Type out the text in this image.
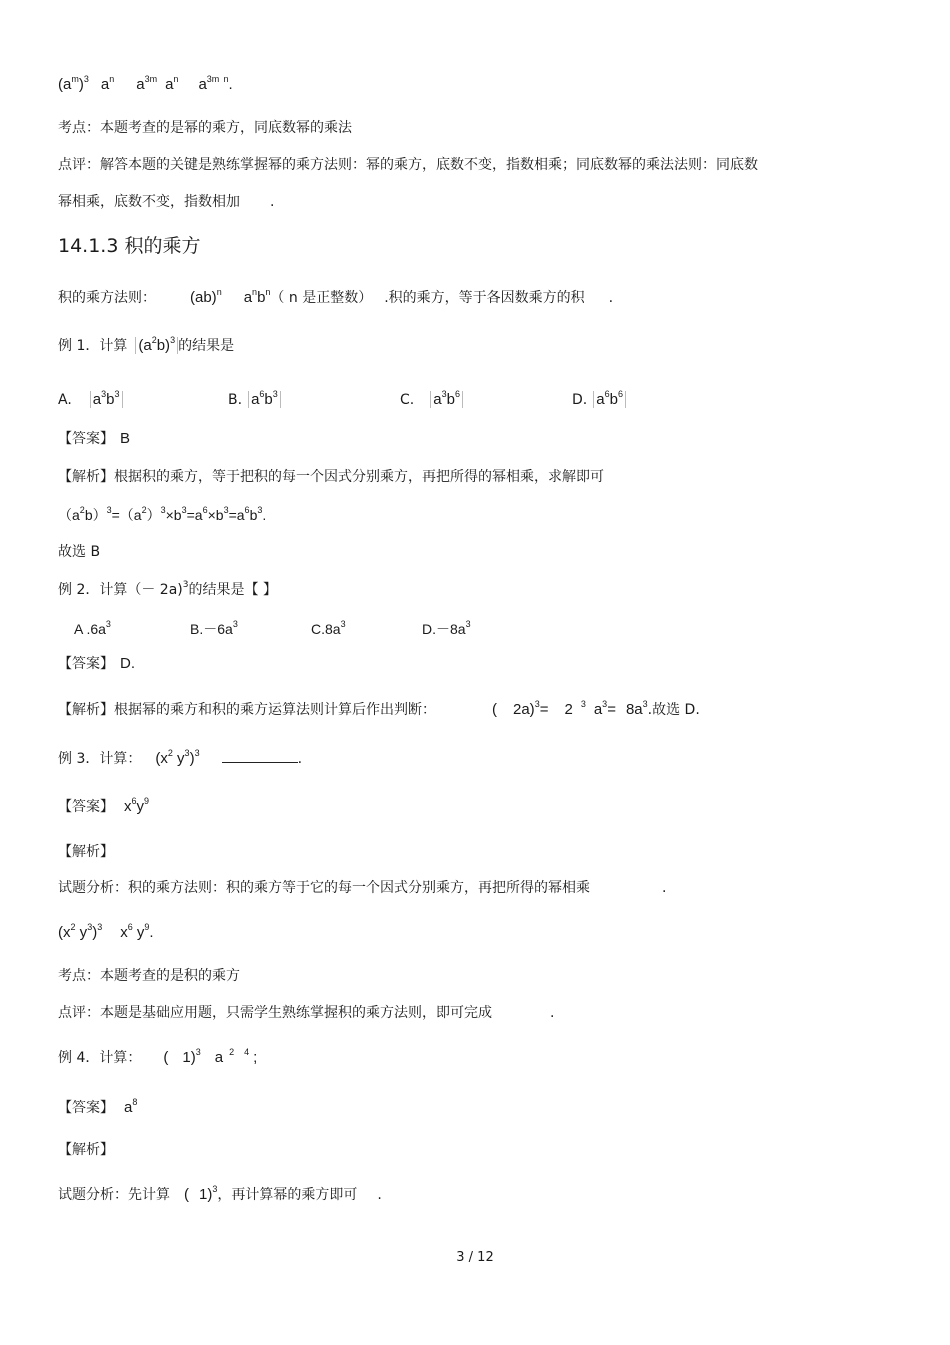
$(a^m)^3$ $a^n$ $a^{3m}$ $a^n$ $a^{3m}$ $^n$.
考点：本题考查的是幂的乘方，同底数幂的乘法
点评：解答本题的关键是熟练掌握幂的乘方法则：幂的乘方，底数不变，指数相乘；同底数幂的乘法法则：同底数
幂相乘，底数不变，指数相加 .
14.1.3 积的乘方
积的乘方法则： (ab)$^n$ $a^nb^n$（ n 是正整数） .积的乘方，等于各因数乘方的积 .
例 1．计算 $(a^2b)^3$ 的结果是
A. $a^3b^3$	B. $a^6b^3$	C. $a^3b^6$	D. $a^6b^6$
【答案】 B
【解析】根据积的乘方，等于把积的每一个因式分别乘方，再把所得的幂相乘，求解即可
$(a^2b)^3=(a^2)^3\times b^3=a^6\times b^3=a^6b^3$.
故选 B
例 2．计算（－ 2a)$^3$的结果是【 】
A $.6a^3$	$B.-6a^3$	$C.8a^3$	$D.-8a^3$
【答案】 D.
【解析】根据幂的乘方和积的乘方运算法则计算后作出判断：	( 2a)$^3$= 2 $^3$ $a^3= 8a^3$.故选 D.
例 3．计算： ($x^2$ $y^3)^3$	.
【答案】 $x^6y^9$
【解析】
试题分析：积的乘方法则：积的乘方等于它的每一个因式分别乘方，再把所得的幂相乘	.
($x^2$ $y^3)^3$ $x^6$ $y^9$.
考点：本题考查的是积的乘方
点评：本题是基础应用题，只需学生熟练掌握积的乘方法则，即可完成	.
例 4．计算： ( 1)$^3$ a $^2$ $^4$ ;
【答案】 $a^8$
【解析】
试题分析：先计算 ( 1)$^3$，再计算幂的乘方即可 .
3 / 12
